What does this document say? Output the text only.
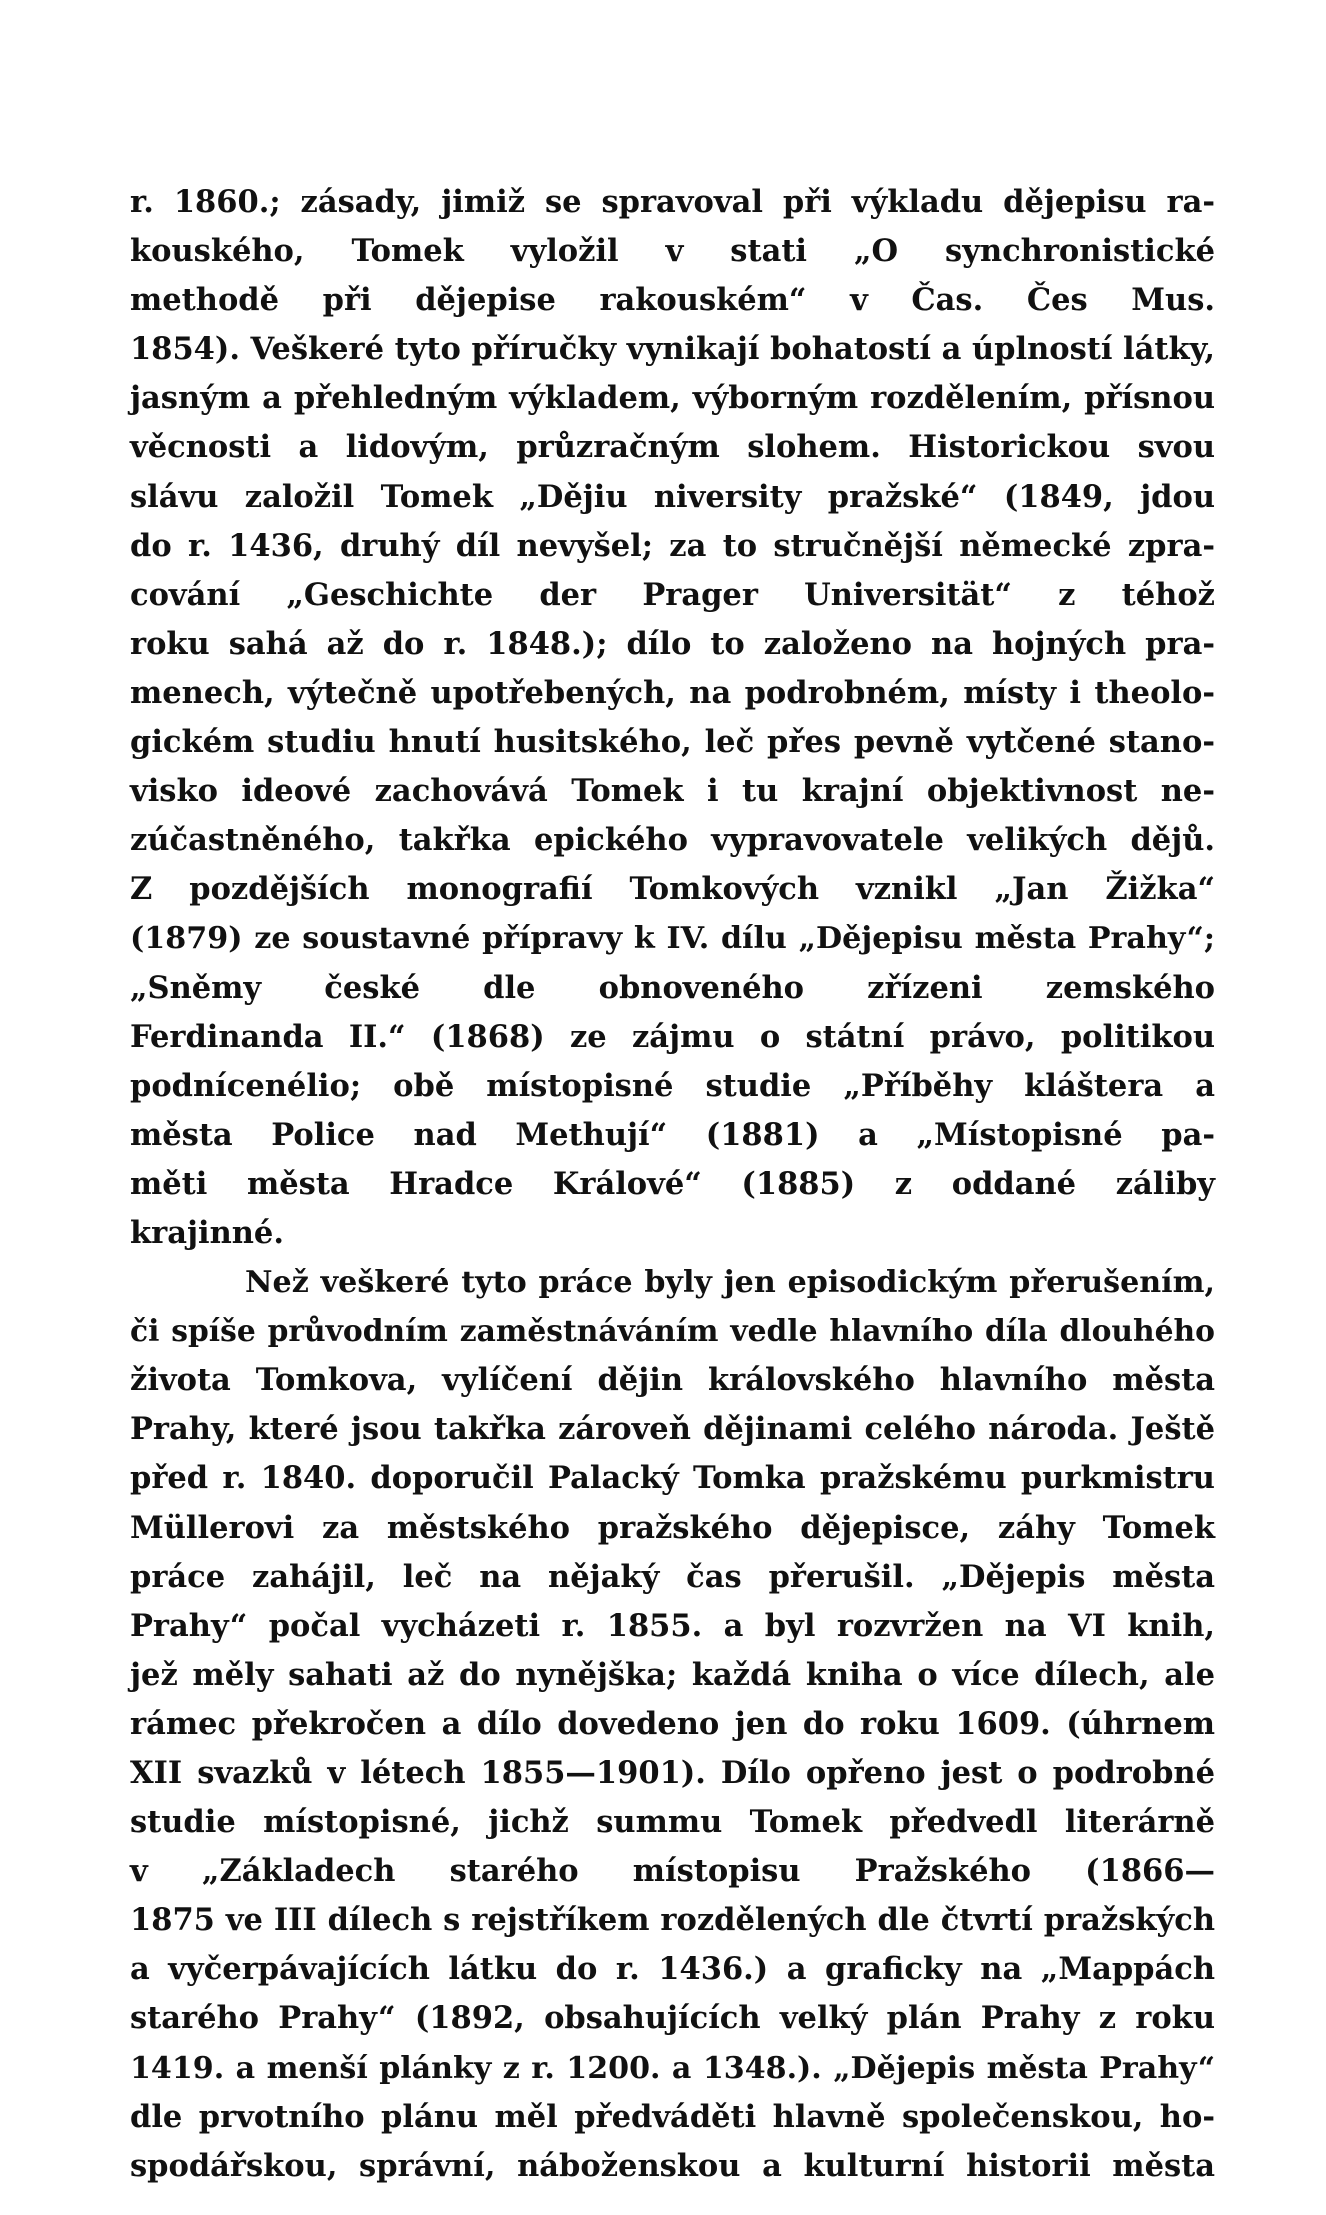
r. 1860.; zásady, jimiž se spravoval při výkladu dějepisu ra-
kouského, Tomek vyložil v stati „O synchronistické
methodě při dějepise rakouském“ v Čas. Čes Mus.
1854). Veškeré tyto příručky vynikají bohatostí a úplností látky,
jasným a přehledným výkladem, výborným rozdělením, přísnou
věcnosti a lidovým, průzračným slohem. Historickou svou
slávu založil Tomek „Dějiu niversity pražské“ (1849, jdou
do r. 1436, druhý díl nevyšel; za to stručnější německé zpra-
cování „Geschichte der Prager Universität“ z téhož
roku sahá až do r. 1848.); dílo to založeno na hojných pra-
menech, výtečně upotřebených, na podrobném, místy i theolo-
gickém studiu hnutí husitského, leč přes pevně vytčené stano-
visko ideové zachovává Tomek i tu krajní objektivnost ne-
zúčastněného, takřka epického vypravovatele velikých dějů.
Z pozdějších monografií Tomkových vznikl „Jan Žižka“
(1879) ze soustavné přípravy k IV. dílu „Dějepisu města Prahy“;
„Sněmy české dle obnoveného zřízeni zemského
Ferdinanda II.“ (1868) ze zájmu o státní právo, politikou
podnícenélio; obě místopisné studie „Příběhy kláštera a
města Police nad Methují“ (1881) a „Místopisné pa-
měti města Hradce Králové“ (1885) z oddané záliby
krajinné.
Než veškeré tyto práce byly jen episodickým přerušením,
či spíše průvodním zaměstnáváním vedle hlavního díla dlouhého
života Tomkova, vylíčení dějin královského hlavního města
Prahy, které jsou takřka zároveň dějinami celého národa. Ještě
před r. 1840. doporučil Palacký Tomka pražskému purkmistru
Müllerovi za městského pražského dějepisce, záhy Tomek
práce zahájil, leč na nějaký čas přerušil. „Dějepis města
Prahy“ počal vycházeti r. 1855. a byl rozvržen na VI knih,
jež měly sahati až do nynějška; každá kniha o více dílech, ale
rámec překročen a dílo dovedeno jen do roku 1609. (úhrnem
XII svazků v létech 1855—1901). Dílo opřeno jest o podrobné
studie místopisné, jichž summu Tomek předvedl literárně
v „Základech starého místopisu Pražského (1866—
1875 ve III dílech s rejstříkem rozdělených dle čtvrtí pražských
a vyčerpávajících látku do r. 1436.) a graficky na „Mappách
starého Prahy“ (1892, obsahujících velký plán Prahy z roku
1419. a menší plánky z r. 1200. a 1348.). „Dějepis města Prahy“
dle prvotního plánu měl předváděti hlavně společenskou, ho-
spodářskou, správní, náboženskou a kulturní historii města
